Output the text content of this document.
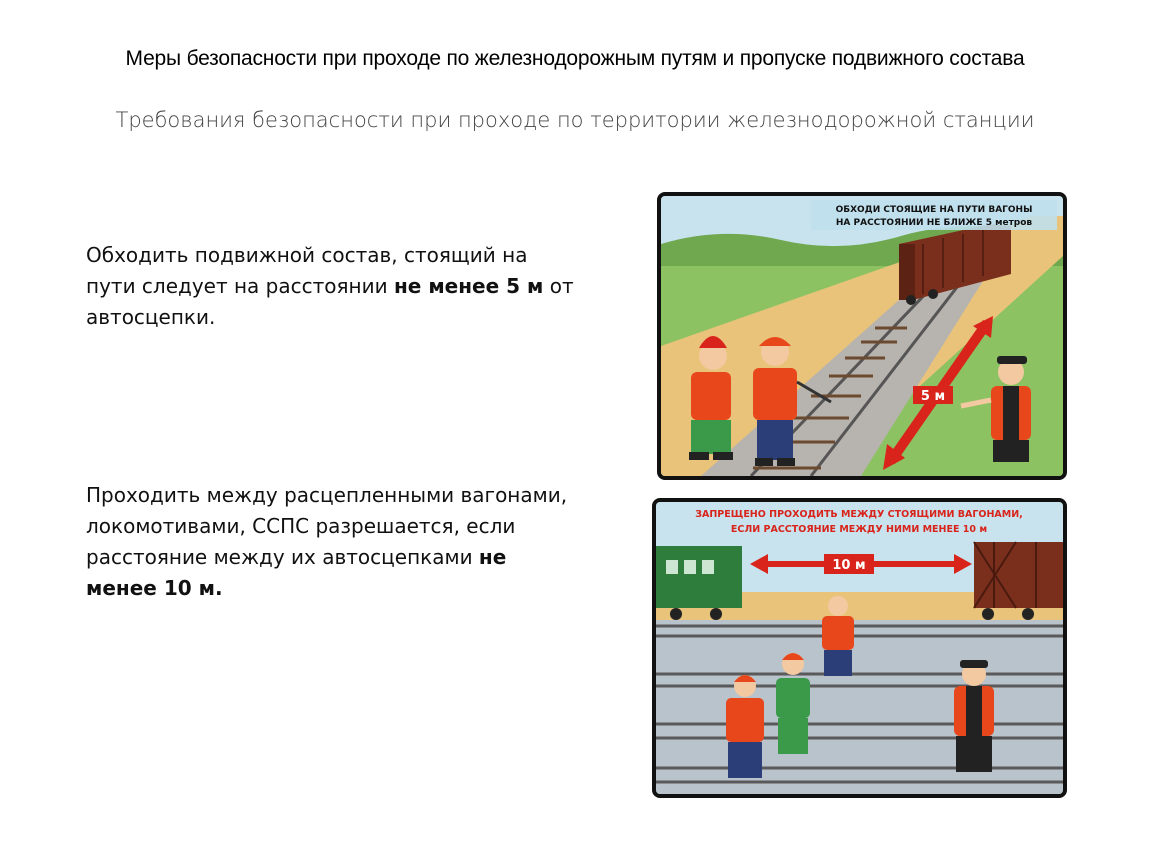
Меры безопасности при проходе по железнодорожным путям и пропуске подвижного состава
Требования безопасности при проходе по территории железнодорожной станции
Обходить подвижной состав, стоящий на пути следует на расстоянии не менее 5 м от автосцепки.
Проходить между расцепленными вагонами, локомотивами, ССПС разрешается, если расстояние между их автосцепками не менее 10 м.
5 м
ОБХОДИ СТОЯЩИЕ НА ПУТИ ВАГОНЫ
НА РАССТОЯНИИ НЕ БЛИЖЕ 5 метров
10 м
ЗАПРЕЩЕНО ПРОХОДИТЬ МЕЖДУ СТОЯЩИМИ ВАГОНАМИ,
ЕСЛИ РАССТОЯНИЕ МЕЖДУ НИМИ МЕНЕЕ 10 м
